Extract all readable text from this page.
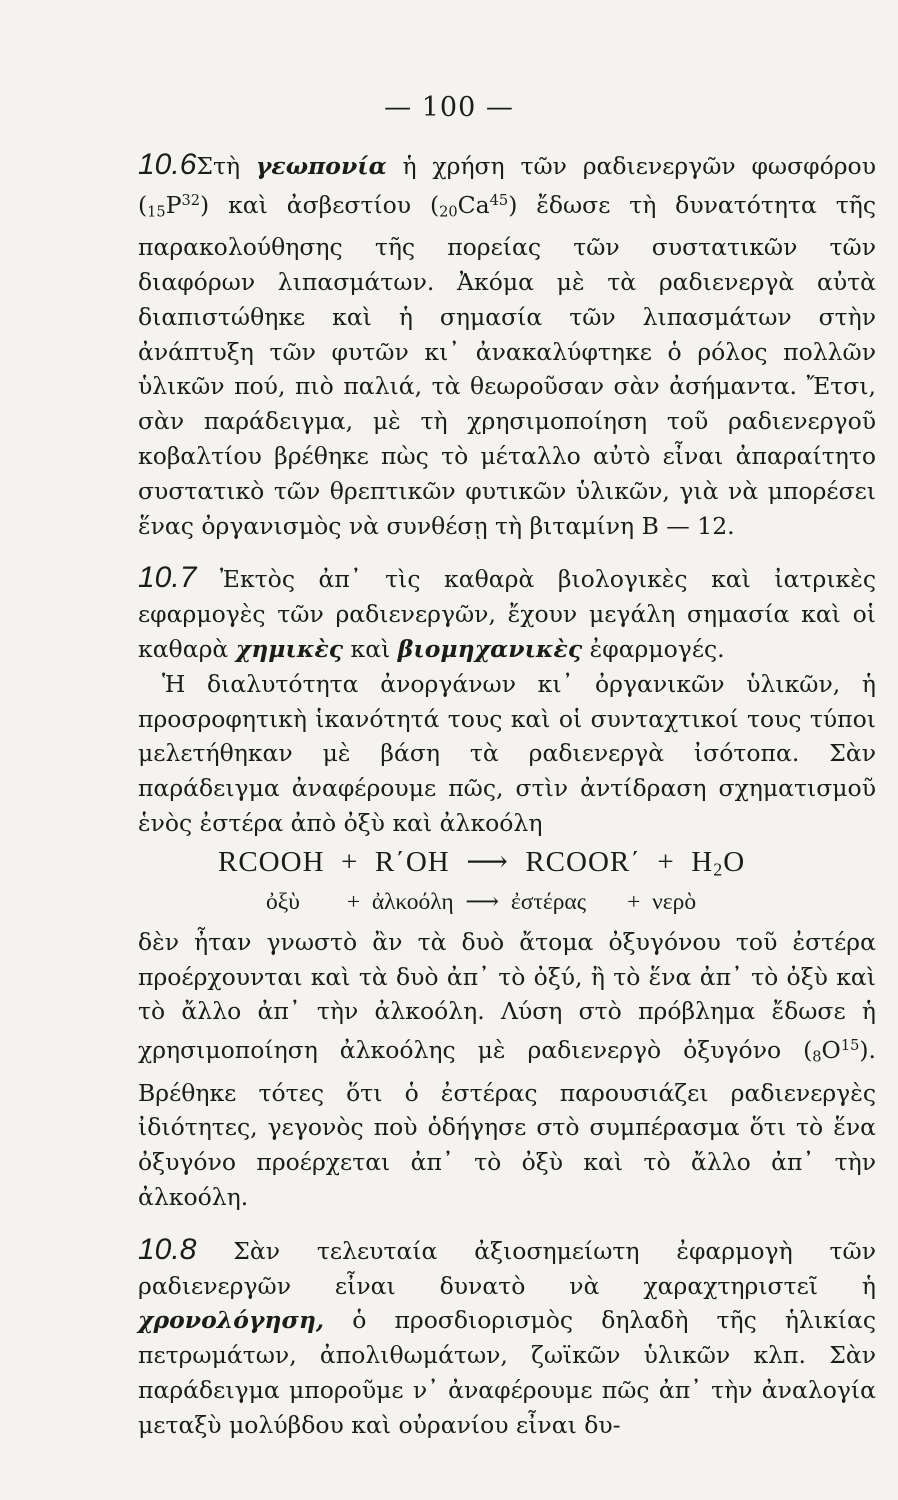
— 100 —

10.6Στὴ γεωπονία ἡ χρήση τῶν ραδιενεργῶν φωσφόρου $(_{15}P^{32})$ καὶ ἀσβεστίου $(_{20}Ca^{45})$ ἔδωσε τὴ δυνατότητα τῆς παρακολούθησης τῆς πορείας τῶν συστατικῶν τῶν διαφόρων λιπασμάτων. Ἀκόμα μὲ τὰ ραδιενεργὰ αὐτὰ διαπιστώθηκε καὶ ἡ σημασία τῶν λιπασμάτων στὴν ἀνάπτυξη τῶν φυτῶν κι᾽ ἀνακαλύφτηκε ὁ ρόλος πολλῶν ὑλικῶν πού, πιὸ παλιά, τὰ θεωροῦσαν σὰν ἀσήμαντα. Ἔτσι, σὰν παράδειγμα, μὲ τὴ χρησιμοποίηση τοῦ ραδιενεργοῦ κοβαλτίου βρέθηκε πὼς τὸ μέταλλο αὐτὸ εἶναι ἀπαραίτητο συστατικὸ τῶν θρεπτικῶν φυτικῶν ὑλικῶν, γιὰ νὰ μπορέσει ἕνας ὀργανισμὸς νὰ συνθέσῃ τὴ βιταμίνη Β — 12.

10.7 Ἐκτὸς ἀπ᾽ τὶς καθαρὰ βιολογικὲς καὶ ἰατρικὲς εφαρμογὲς τῶν ραδιενεργῶν, ἔχουν μεγάλη σημασία καὶ οἱ καθαρὰ χημικὲς καὶ βιομηχανικὲς ἐφαρμογές.

Ἡ διαλυτότητα ἀνοργάνων κι᾽ ὀργανικῶν ὑλικῶν, ἡ προσροφητικὴ ἱκανότητά τους καὶ οἱ συνταχτικοί τους τύποι μελετήθηκαν μὲ βάση τὰ ραδιενεργὰ ἰσότοπα. Σὰν παράδειγμα ἀναφέρουμε πῶς, στὶν ἀντίδραση σχηματισμοῦ ἑνὸς ἐστέρα ἀπὸ ὀξὺ καὶ ἀλκοόλη

RCOOH  +  R΄OH  ⟶  RCOOR΄  +  $H_2O$
ὀξὺ        +  ἀλκοόλη  ⟶  ἐστέρας       +  νερὸ

δὲν ἦταν γνωστὸ ἂν τὰ δυὸ ἄτομα ὀξυγόνου τοῦ ἐστέρα προέρχουνται καὶ τὰ δυὸ ἀπ᾽ τὸ ὀξύ, ἢ τὸ ἕνα ἀπ᾽ τὸ ὀξὺ καὶ τὸ ἄλλο ἀπ᾽ τὴν ἀλκοόλη. Λύση στὸ πρόβλημα ἔδωσε ἡ χρησιμοποίηση ἀλκοόλης μὲ ραδιενεργὸ ὀξυγόνο $(_8O^{15})$. Βρέθηκε τότες ὅτι ὁ ἐστέρας παρουσιάζει ραδιενεργὲς ἰδιότητες, γεγονὸς ποὺ ὁδήγησε στὸ συμπέρασμα ὅτι τὸ ἕνα ὀξυγόνο προέρχεται ἀπ᾽ τὸ ὀξὺ καὶ τὸ ἄλλο ἀπ᾽ τὴν ἀλκοόλη.

10.8 Σὰν τελευταία ἀξιοσημείωτη ἐφαρμογὴ τῶν ραδιενεργῶν εἶναι δυνατὸ νὰ χαραχτηριστεῖ ἡ χρονολόγηση, ὁ προσδιορισμὸς δηλαδὴ τῆς ἡλικίας πετρωμάτων, ἀπολιθωμάτων, ζωϊκῶν ὑλικῶν κλπ. Σὰν παράδειγμα μποροῦμε ν᾽ ἀναφέρουμε πῶς ἀπ᾽ τὴν ἀναλογία μεταξὺ μολύβδου καὶ οὐρανίου εἶναι δυ-
